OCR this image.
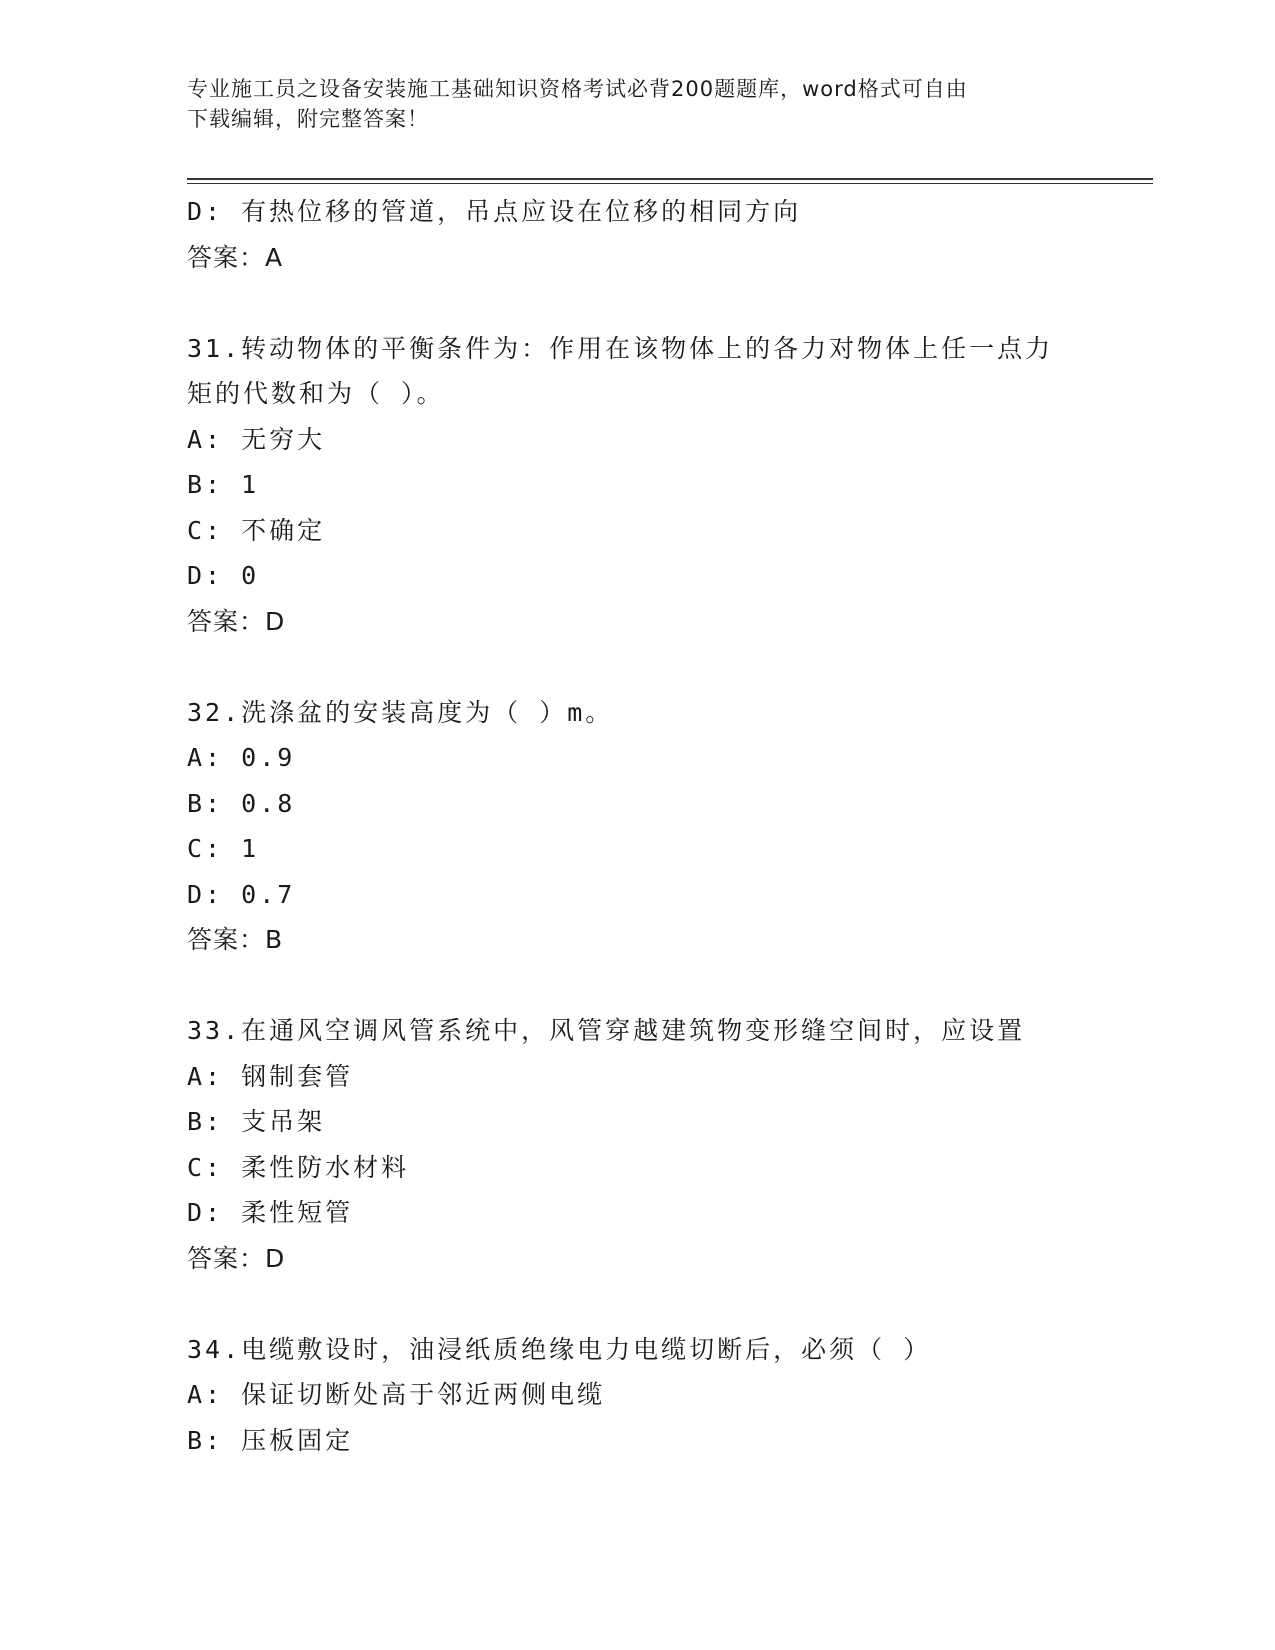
专业施工员之设备安装施工基础知识资格考试必背200题题库，word格式可自由
下载编辑，附完整答案！
D: 有热位移的管道，吊点应设在位移的相同方向
答案：A
31.转动物体的平衡条件为：作用在该物体上的各力对物体上任一点力
矩的代数和为（ ）。
A: 无穷大
B: 1
C: 不确定
D: 0
答案：D
32.洗涤盆的安装高度为（ ）m。
A: 0.9
B: 0.8
C: 1
D: 0.7
答案：B
33.在通风空调风管系统中，风管穿越建筑物变形缝空间时，应设置
A: 钢制套管
B: 支吊架
C: 柔性防水材料
D: 柔性短管
答案：D
34.电缆敷设时，油浸纸质绝缘电力电缆切断后，必须（ ）
A: 保证切断处高于邻近两侧电缆
B: 压板固定
